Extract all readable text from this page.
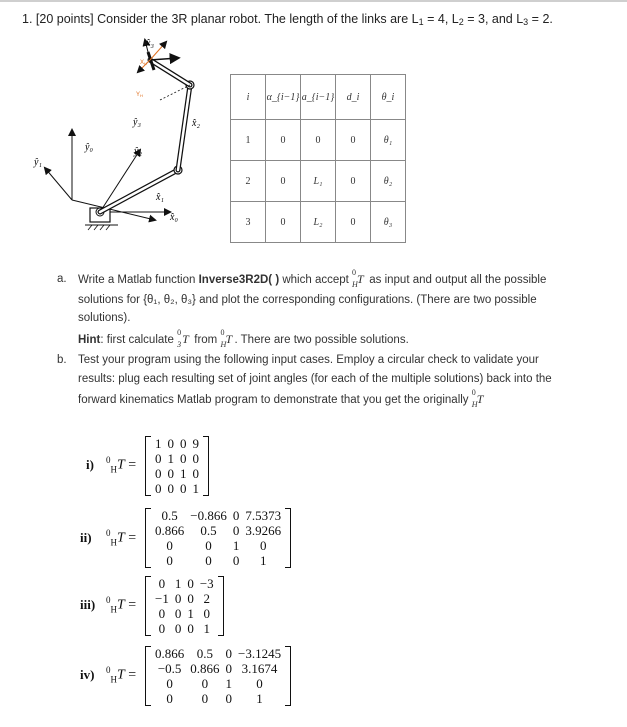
1. [20 points] Consider the 3R planar robot. The length of the links are $L_1 = 4$, $L_2 = 3$, and $L_3 = 2$.
x̂₃
XH
YH
ŷ₃	x̂₂
ŷ₂
ŷ₀
ŷ₁
x̂₁
x̂₀
i	α_{i−1}	a_{i−1}	d_i	θ_i
1	0	0	0	θ₁
2	0	L₁	0	θ₂
3	0	L₂	0	θ₃
a. Write a Matlab function Inverse3R2D( ) which accept
0
H T as input and output all the possible
solutions for {θ₁, θ₂, θ₃} and plot the corresponding configurations. (There are two possible
solutions).
Hint: first calculate
0
3 T from
0
H T . There are two possible solutions.
b. Test your program using the following input cases. Employ a circular check to validate your
results: plug each resulting set of joint angles (for each of the multiple solutions) back into the
forward kinematics Matlab program to demonstrate that you get the originally
0
H T
i) $^0_H$T =
1	0	0	9
0	1	0	0
0	0	1	0
0	0	0	1
ii) $^0_H$T =
0.5	−0.866	0	7.5373
0.866	0.5	0	3.9266
0	0	1	0
0	0	0	1
iii) $^0_H$T =
0	1	0	−3
−1	0	0	2
0	0	1	0
0	0	0	1
iv) $^0_H$T =
0.866	0.5	0	−3.1245
−0.5	0.866	0	3.1674
0	0	1	0
0	0	0	1
